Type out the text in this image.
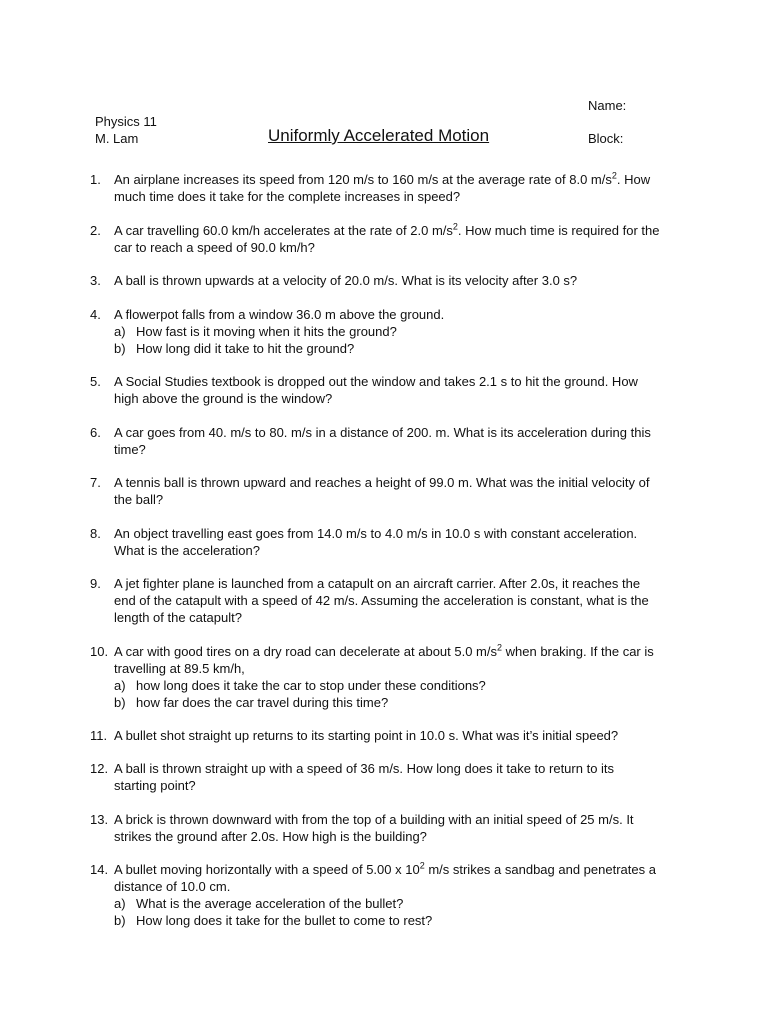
Physics 11
M. Lam	Uniformly Accelerated Motion
Name:
Block:
1.	An airplane increases its speed from 120 m/s to 160 m/s at the average rate of 8.0 $m/s^2$. How much time does it take for the complete increases in speed?
2.	A car travelling 60.0 km/h accelerates at the rate of 2.0 $m/s^2$. How much time is required for the car to reach a speed of 90.0 km/h?
3.	A ball is thrown upwards at a velocity of 20.0 m/s. What is its velocity after 3.0 s?
4.	A flowerpot falls from a window 36.0 m above the ground.
a) How fast is it moving when it hits the ground?
b) How long did it take to hit the ground?
5.	A Social Studies textbook is dropped out the window and takes 2.1 s to hit the ground. How high above the ground is the window?
6.	A car goes from 40. m/s to 80. m/s in a distance of 200. m. What is its acceleration during this time?
7.	A tennis ball is thrown upward and reaches a height of 99.0 m. What was the initial velocity of the ball?
8.	An object travelling east goes from 14.0 m/s to 4.0 m/s in 10.0 s with constant acceleration. What is the acceleration?
9.	A jet fighter plane is launched from a catapult on an aircraft carrier. After 2.0s, it reaches the end of the catapult with a speed of 42 m/s. Assuming the acceleration is constant, what is the length of the catapult?
10. A car with good tires on a dry road can decelerate at about 5.0 $m/s^2$ when braking. If the car is travelling at 89.5 km/h,
a) how long does it take the car to stop under these conditions?
b) how far does the car travel during this time?
11. A bullet shot straight up returns to its starting point in 10.0 s. What was it’s initial speed?
12. A ball is thrown straight up with a speed of 36 m/s. How long does it take to return to its starting point?
13. A brick is thrown downward with from the top of a building with an initial speed of 25 m/s. It strikes the ground after 2.0s. How high is the building?
14. A bullet moving horizontally with a speed of 5.00 x $10^2$ m/s strikes a sandbag and penetrates a distance of 10.0 cm.
a) What is the average acceleration of the bullet?
b) How long does it take for the bullet to come to rest?
